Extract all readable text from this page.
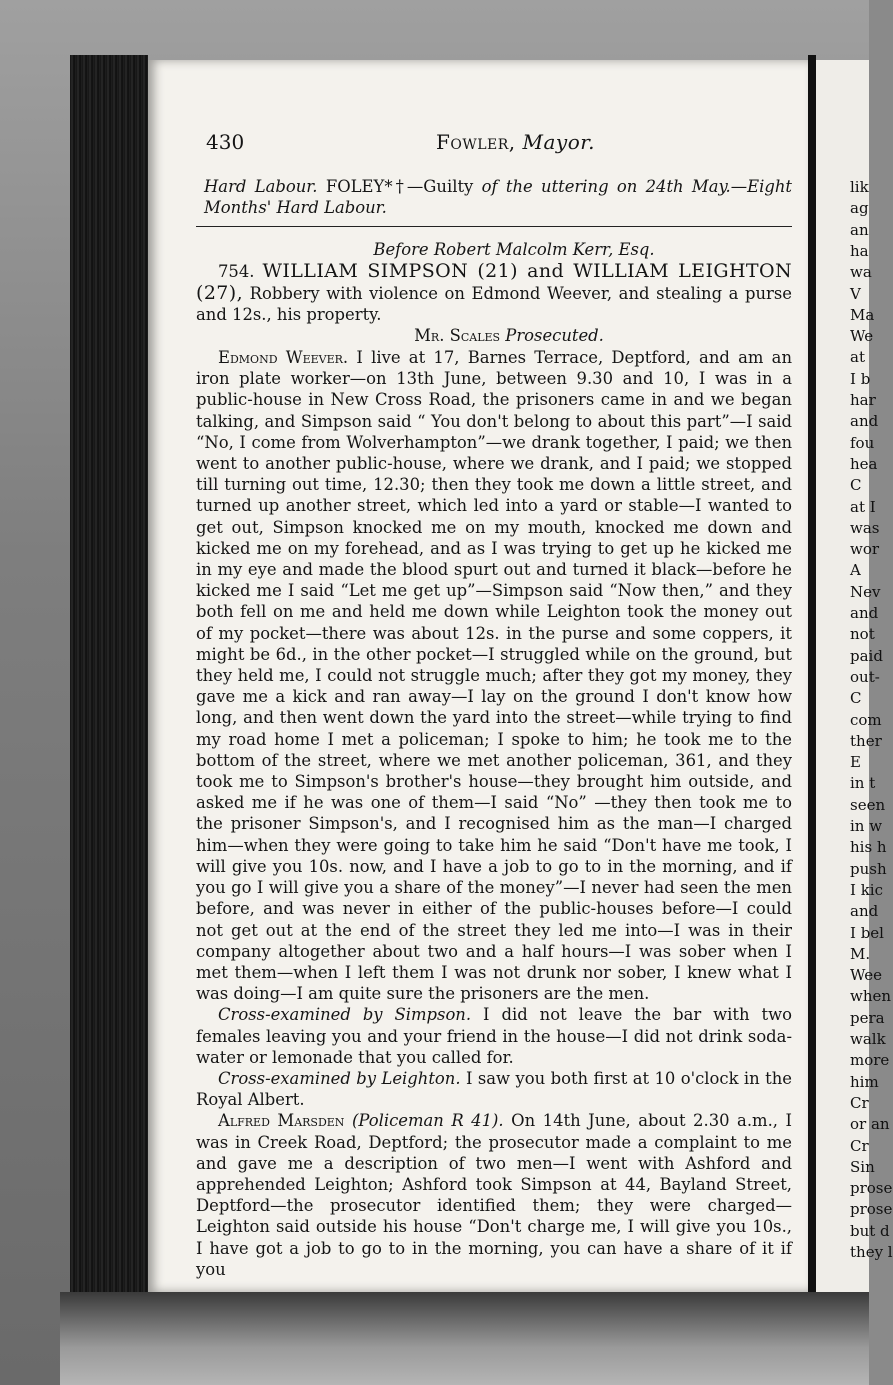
430	Fowler, Mayor.

Hard Labour. FOLEY*†—Guilty of the uttering on 24th May.—Eight Months' Hard Labour.

Before Robert Malcolm Kerr, Esq.

754. WILLIAM SIMPSON (21) and WILLIAM LEIGHTON (27), Robbery with violence on Edmond Weever, and stealing a purse and 12s., his property.

Mr. Scales Prosecuted.

Edmond Weever. I live at 17, Barnes Terrace, Deptford, and am an iron plate worker—on 13th June, between 9.30 and 10, I was in a public-house in New Cross Road, the prisoners came in and we began talking, and Simpson said “ You don't belong to about this part”—I said “No, I come from Wolverhampton”—we drank together, I paid; we then went to another public-house, where we drank, and I paid; we stopped till turning out time, 12.30; then they took me down a little street, and turned up another street, which led into a yard or stable—I wanted to get out, Simpson knocked me on my mouth, knocked me down and kicked me on my forehead, and as I was trying to get up he kicked me in my eye and made the blood spurt out and turned it black—before he kicked me I said “Let me get up”—Simpson said “Now then,” and they both fell on me and held me down while Leighton took the money out of my pocket—there was about 12s. in the purse and some coppers, it might be 6d., in the other pocket—I struggled while on the ground, but they held me, I could not struggle much; after they got my money, they gave me a kick and ran away—I lay on the ground I don't know how long, and then went down the yard into the street—while trying to find my road home I met a policeman; I spoke to him; he took me to the bottom of the street, where we met another policeman, 361, and they took me to Simpson's brother's house—they brought him outside, and asked me if he was one of them—I said “No” —they then took me to the prisoner Simpson's, and I recognised him as the man—I charged him—when they were going to take him he said “Don't have me took, I will give you 10s. now, and I have a job to go to in the morning, and if you go I will give you a share of the money”—I never had seen the men before, and was never in either of the public-houses before—I could not get out at the end of the street they led me into—I was in their company altogether about two and a half hours—I was sober when I met them—when I left them I was not drunk nor sober, I knew what I was doing—I am quite sure the prisoners are the men.

Cross-examined by Simpson. I did not leave the bar with two females leaving you and your friend in the house—I did not drink soda-water or lemonade that you called for.

Cross-examined by Leighton. I saw you both first at 10 o'clock in the Royal Albert.

Alfred Marsden (Policeman R 41). On 14th June, about 2.30 a.m., I was in Creek Road, Deptford; the prosecutor made a complaint to me and gave me a description of two men—I went with Ashford and apprehended Leighton; Ashford took Simpson at 44, Bayland Street, Deptford—the prosecutor identified them; they were charged—Leighton said outside his house “Don't charge me, I will give you 10s., I have got a job to go to in the morning, you can have a share of it if you

lik
ag
an
ha
wa
V
Ma
We
at
I b
har
and
fou
hea
C
at I
was
wor
A
Nev
and
not
paid
out-
C
com
ther
E
in t
seen
in w
his h
push
I kic
and
I bel
M.
Wee
when
pera
walk
more
him
Cr
or an
Cr
Sin
prose
prose
but d
they l
